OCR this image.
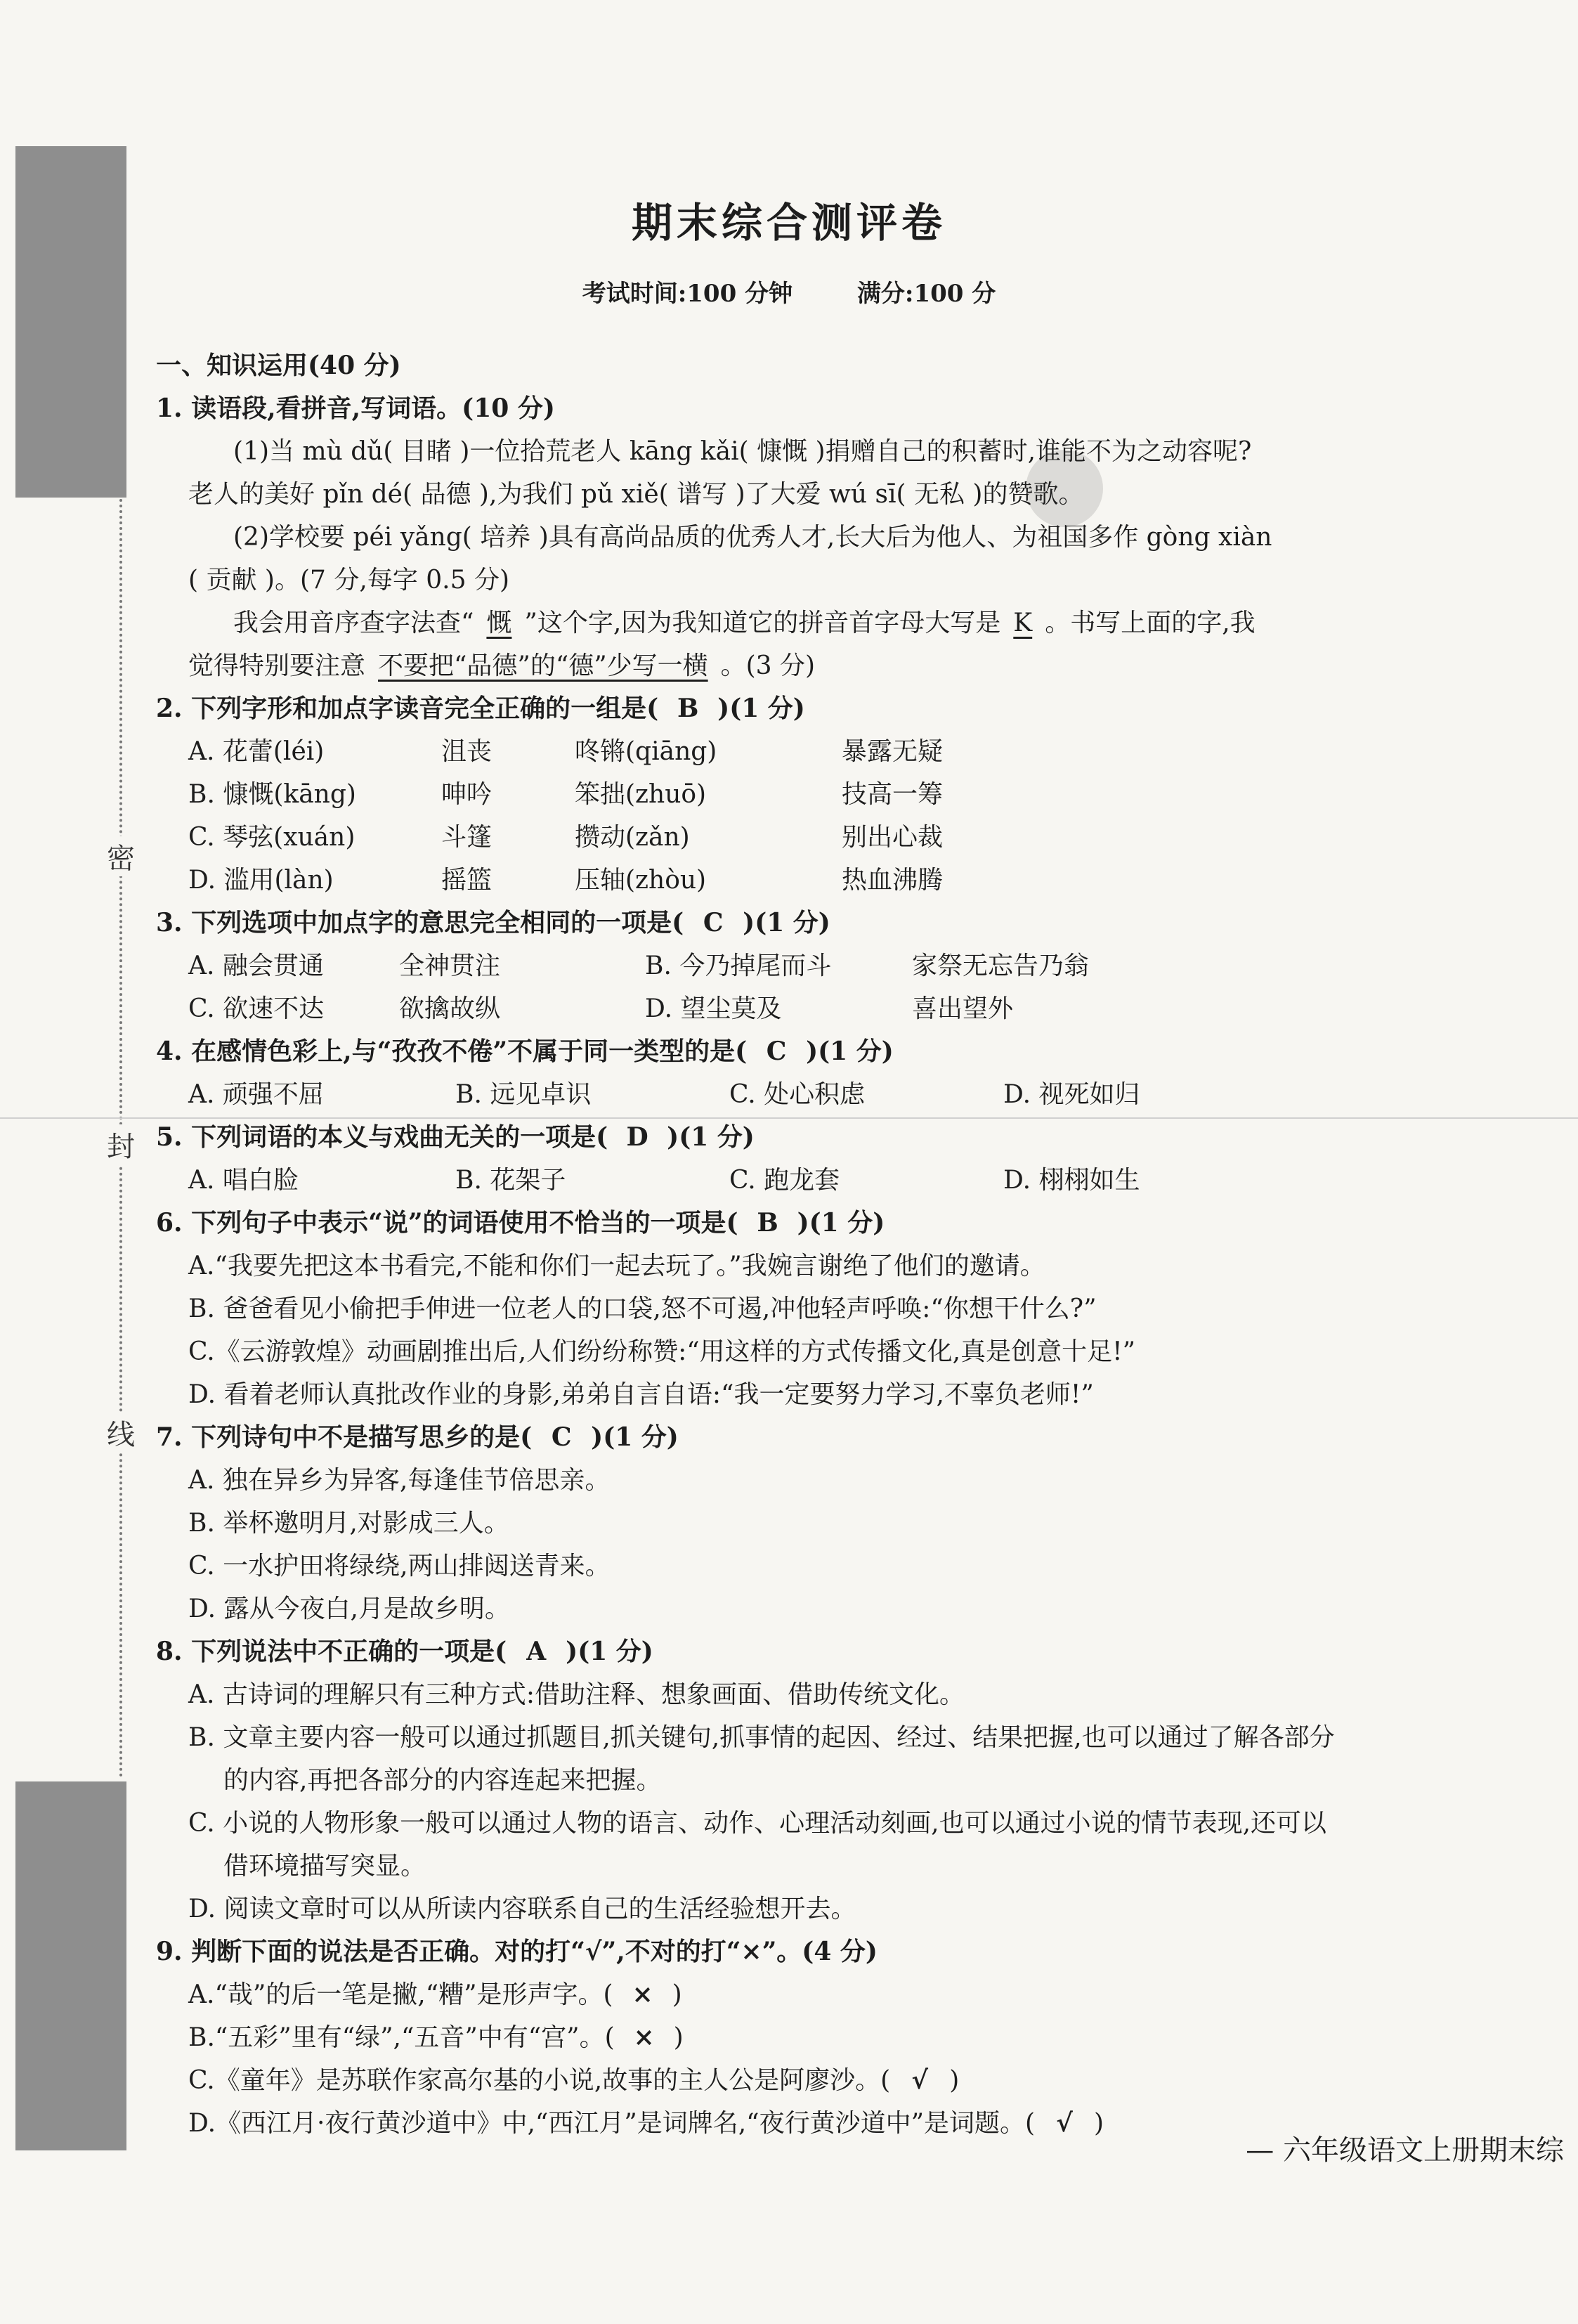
密
封
线
期末综合测评卷
考试时间:100 分钟	满分:100 分
一、知识运用(40 分)
1. 读语段,看拼音,写词语。(10 分)
(1)当 mù dǔ( 目睹 )一位拾荒老人 kāng kǎi( 慷慨 )捐赠自己的积蓄时,谁能不为之动容呢?
老人的美好 pǐn dé( 品德 ),为我们 pǔ xiě( 谱写 )了大爱 wú sī( 无私 )的赞歌。
(2)学校要 péi yǎng( 培养 )具有高尚品质的优秀人才,长大后为他人、为祖国多作 gòng xiàn
( 贡献 )。(7 分,每字 0.5 分)
我会用音序查字法查“ 慨 ”这个字,因为我知道它的拼音首字母大写是 K 。书写上面的字,我
觉得特别要注意 不要把“品德”的“德”少写一横 。(3 分)
2. 下列字形和加点字读音完全正确的一组是( B )(1 分)
A. 花蕾(léi)	沮丧	咚锵(qiāng)	暴露无疑
B. 慷慨(kāng)	呻吟	笨拙(zhuō)	技高一筹
C. 琴弦(xuán)	斗篷	攒动(zǎn)	别出心裁
D. 滥用(làn)	摇篮	压轴(zhòu)	热血沸腾
3. 下列选项中加点字的意思完全相同的一项是( C )(1 分)
A. 融会贯通	全神贯注	B. 今乃掉尾而斗	家祭无忘告乃翁
C. 欲速不达	欲擒故纵	D. 望尘莫及	喜出望外
4. 在感情色彩上,与“孜孜不倦”不属于同一类型的是( C )(1 分)
A. 顽强不屈	B. 远见卓识	C. 处心积虑	D. 视死如归
5. 下列词语的本义与戏曲无关的一项是( D )(1 分)
A. 唱白脸	B. 花架子	C. 跑龙套	D. 栩栩如生
6. 下列句子中表示“说”的词语使用不恰当的一项是( B )(1 分)
A.“我要先把这本书看完,不能和你们一起去玩了。”我婉言谢绝了他们的邀请。
B. 爸爸看见小偷把手伸进一位老人的口袋,怒不可遏,冲他轻声呼唤:“你想干什么?”
C.《云游敦煌》动画剧推出后,人们纷纷称赞:“用这样的方式传播文化,真是创意十足!”
D. 看着老师认真批改作业的身影,弟弟自言自语:“我一定要努力学习,不辜负老师!”
7. 下列诗句中不是描写思乡的是( C )(1 分)
A. 独在异乡为异客,每逢佳节倍思亲。
B. 举杯邀明月,对影成三人。
C. 一水护田将绿绕,两山排闼送青来。
D. 露从今夜白,月是故乡明。
8. 下列说法中不正确的一项是( A )(1 分)
A. 古诗词的理解只有三种方式:借助注释、想象画面、借助传统文化。
B. 文章主要内容一般可以通过抓题目,抓关键句,抓事情的起因、经过、结果把握,也可以通过了解各部分
的内容,再把各部分的内容连起来把握。
C. 小说的人物形象一般可以通过人物的语言、动作、心理活动刻画,也可以通过小说的情节表现,还可以
借环境描写突显。
D. 阅读文章时可以从所读内容联系自己的生活经验想开去。
9. 判断下面的说法是否正确。对的打“√”,不对的打“×”。(4 分)
A.“哉”的后一笔是撇,“糟”是形声字。( × )
B.“五彩”里有“绿”,“五音”中有“宫”。( × )
C.《童年》是苏联作家高尔基的小说,故事的主人公是阿廖沙。( √ )
D.《西江月·夜行黄沙道中》中,“西江月”是词牌名,“夜行黄沙道中”是词题。( √ )
— 六年级语文上册期末综
